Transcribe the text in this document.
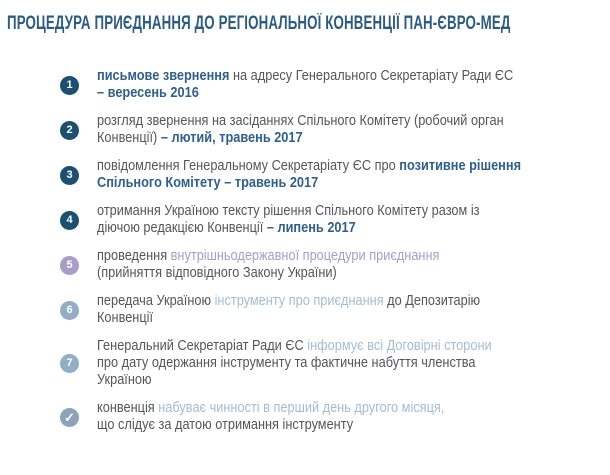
ПРОЦЕДУРА ПРИЄДНАННЯ ДО РЕГІОНАЛЬНОЇ КОНВЕНЦІЇ ПАН-ЄВРО-МЕД
1

письмове звернення на адресу Генерального Секретаріату Ради ЄС
– вересень 2016

2

розгляд звернення на засіданнях Спільного Комітету (робочий орган
Конвенції) – лютий, травень 2017

3

повідомлення Генеральному Секретаріату ЄС про позитивне рішення
Спільного Комітету – травень 2017

4

отримання Україною тексту рішення Спільного Комітету разом із
діючою редакцією Конвенції – липень 2017

5

проведення внутрішньодержавної процедури приєднання
(прийняття відповідного Закону України)

6

передача Україною інструменту про приєднання до Депозитарію
Конвенції

7

Генеральний Секретаріат Ради ЄС інформує всі Договірні сторони
про дату одержання інструменту та фактичне набуття членства
Україною

✓

конвенція набуває чинності в перший день другого місяця,
що слідує за датою отримання інструменту
